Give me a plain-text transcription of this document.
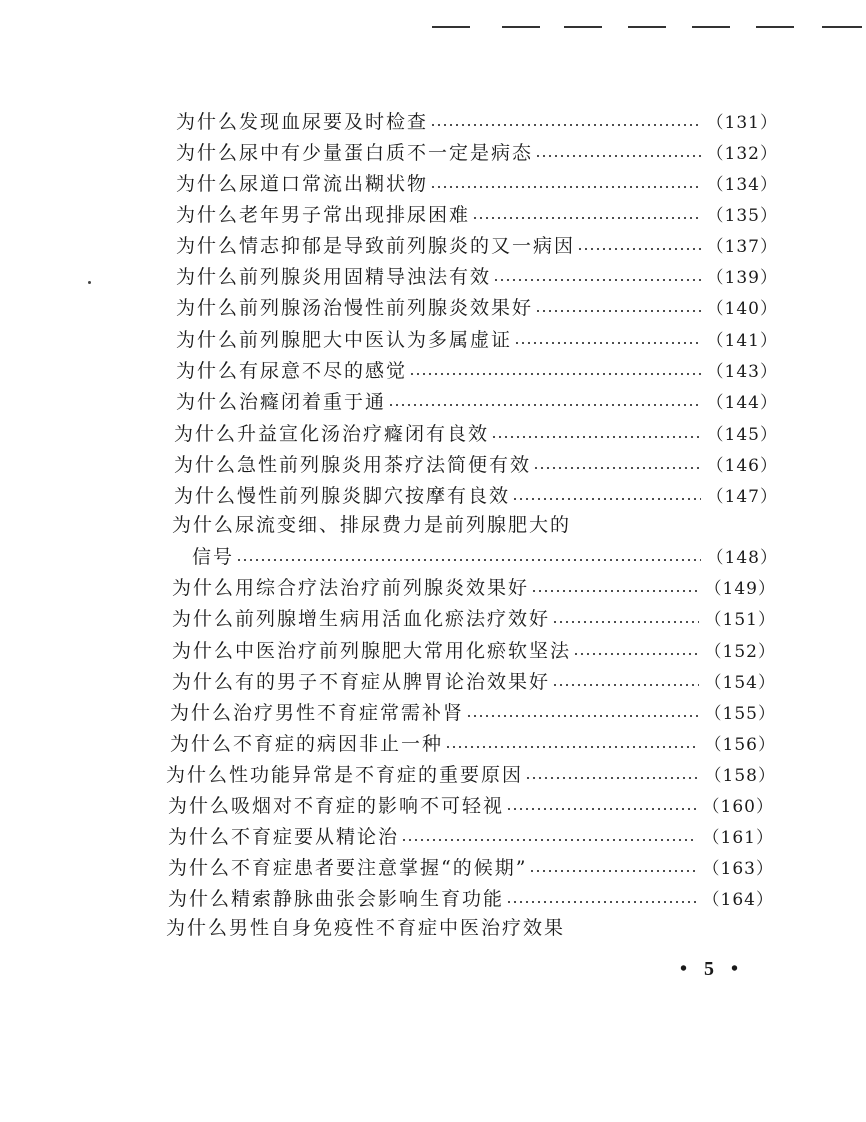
为什么发现血尿要及时检查	（131）
为什么尿中有少量蛋白质不一定是病态	（132）
为什么尿道口常流出糊状物	（134）
为什么老年男子常出现排尿困难	（135）
为什么情志抑郁是导致前列腺炎的又一病因	（137）
为什么前列腺炎用固精导浊法有效	（139）
为什么前列腺汤治慢性前列腺炎效果好	（140）
为什么前列腺肥大中医认为多属虚证	（141）
为什么有尿意不尽的感觉	（143）
为什么治癃闭着重于通	（144）
为什么升益宣化汤治疗癃闭有良效	（145）
为什么急性前列腺炎用茶疗法简便有效	（146）
为什么慢性前列腺炎脚穴按摩有良效	（147）
为什么尿流变细、排尿费力是前列腺肥大的
信号	（148）
为什么用综合疗法治疗前列腺炎效果好	（149）
为什么前列腺增生病用活血化瘀法疗效好	（151）
为什么中医治疗前列腺肥大常用化瘀软坚法	（152）
为什么有的男子不育症从脾胃论治效果好	（154）
为什么治疗男性不育症常需补肾	（155）
为什么不育症的病因非止一种	（156）
为什么性功能异常是不育症的重要原因	（158）
为什么吸烟对不育症的影响不可轻视	（160）
为什么不育症要从精论治	（161）
为什么不育症患者要注意掌握“的候期”	（163）
为什么精索静脉曲张会影响生育功能	（164）
为什么男性自身免疫性不育症中医治疗效果
• 5 •
